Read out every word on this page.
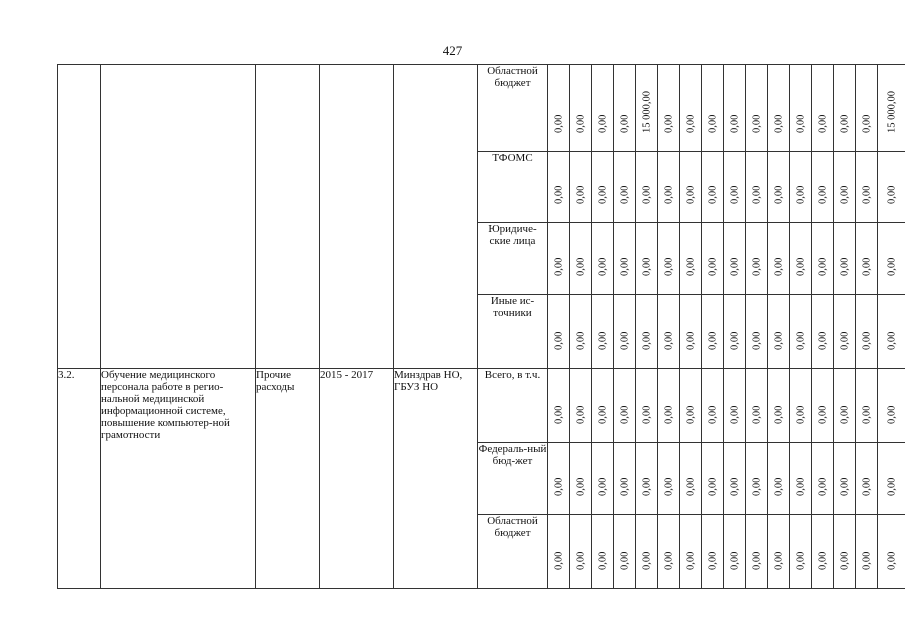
427
					Областной бюджет	0,00	0,00	0,00	0,00	15 000,00	0,00	0,00	0,00	0,00	0,00	0,00	0,00	0,00	0,00	0,00	15 000,00

					ТФОМС	0,00	0,00	0,00	0,00	0,00	0,00	0,00	0,00	0,00	0,00	0,00	0,00	0,00	0,00	0,00	0,00

					Юридиче-ские лица	0,00	0,00	0,00	0,00	0,00	0,00	0,00	0,00	0,00	0,00	0,00	0,00	0,00	0,00	0,00	0,00

					Иные ис-точники	0,00	0,00	0,00	0,00	0,00	0,00	0,00	0,00	0,00	0,00	0,00	0,00	0,00	0,00	0,00	0,00

3.2.	Обучение медицинского персонала работе в регио-нальной медицинской информационной системе, повышение компьютер-ной грамотности	Прочие расходы	2015 - 2017	Минздрав НО, ГБУЗ НО	Всего, в т.ч.	0,00	0,00	0,00	0,00	0,00	0,00	0,00	0,00	0,00	0,00	0,00	0,00	0,00	0,00	0,00	0,00

					Федераль-ный бюд-жет	0,00	0,00	0,00	0,00	0,00	0,00	0,00	0,00	0,00	0,00	0,00	0,00	0,00	0,00	0,00	0,00

					Областной бюджет	0,00	0,00	0,00	0,00	0,00	0,00	0,00	0,00	0,00	0,00	0,00	0,00	0,00	0,00	0,00	0,00
